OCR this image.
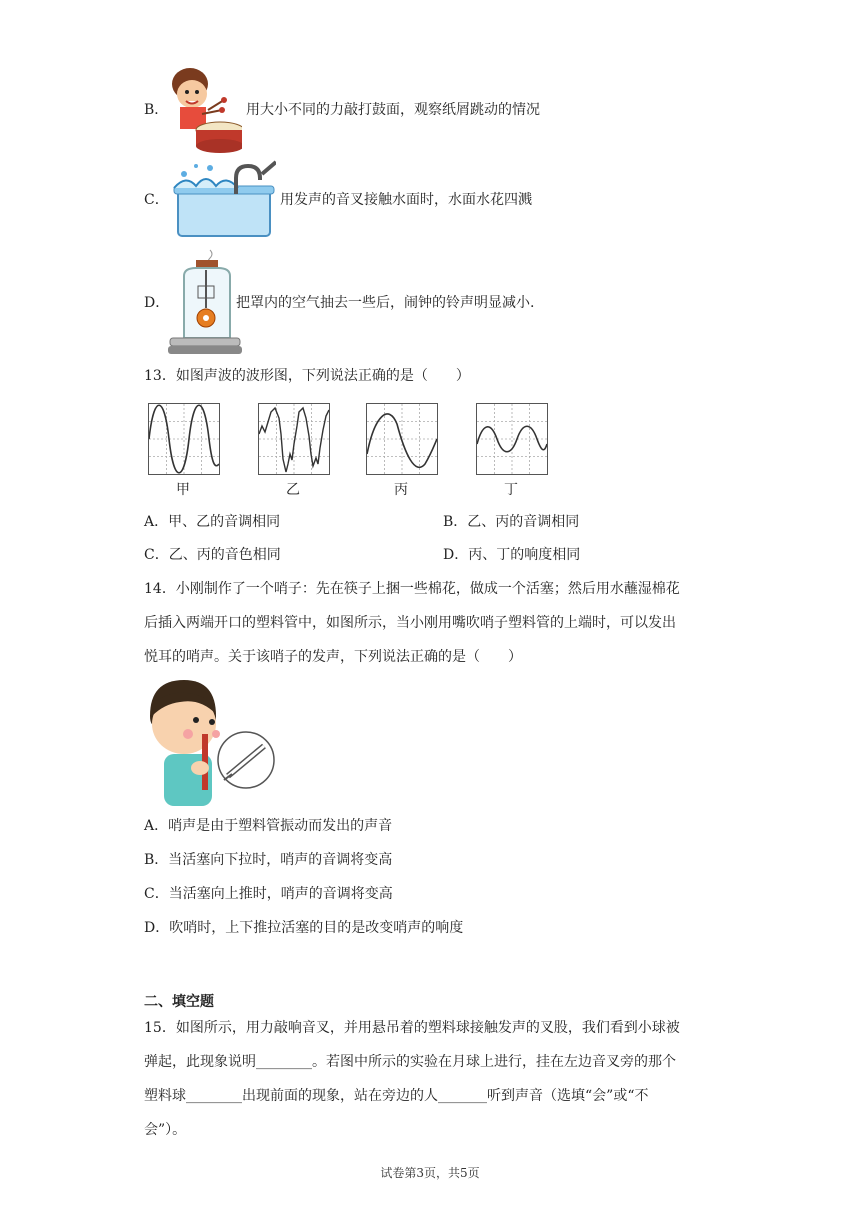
B．	用大小不同的力敲打鼓面，观察纸屑跳动的情况
C．	用发声的音叉接触水面时，水面水花四溅
D．	把罩内的空气抽去一些后，闹钟的铃声明显减小.
13．如图声波的波形图，下列说法正确的是（　　）
甲	乙	丙	丁
A．甲、乙的音调相同	B．乙、丙的音调相同
C．乙、丙的音色相同	D．丙、丁的响度相同
14．小刚制作了一个哨子：先在筷子上捆一些棉花，做成一个活塞；然后用水蘸湿棉花
后插入两端开口的塑料管中，如图所示，当小刚用嘴吹哨子塑料管的上端时，可以发出
悦耳的哨声。关于该哨子的发声，下列说法正确的是（　　）
A．哨声是由于塑料管振动而发出的声音
B．当活塞向下拉时，哨声的音调将变高
C．当活塞向上推时，哨声的音调将变高
D．吹哨时，上下推拉活塞的目的是改变哨声的响度
二、填空题
15．如图所示，用力敲响音叉，并用悬吊着的塑料球接触发声的叉股，我们看到小球被
弹起，此现象说明________。若图中所示的实验在月球上进行，挂在左边音叉旁的那个
塑料球________出现前面的现象，站在旁边的人_______听到声音（选填“会”或“不
会”）。
试卷第3页，共5页
